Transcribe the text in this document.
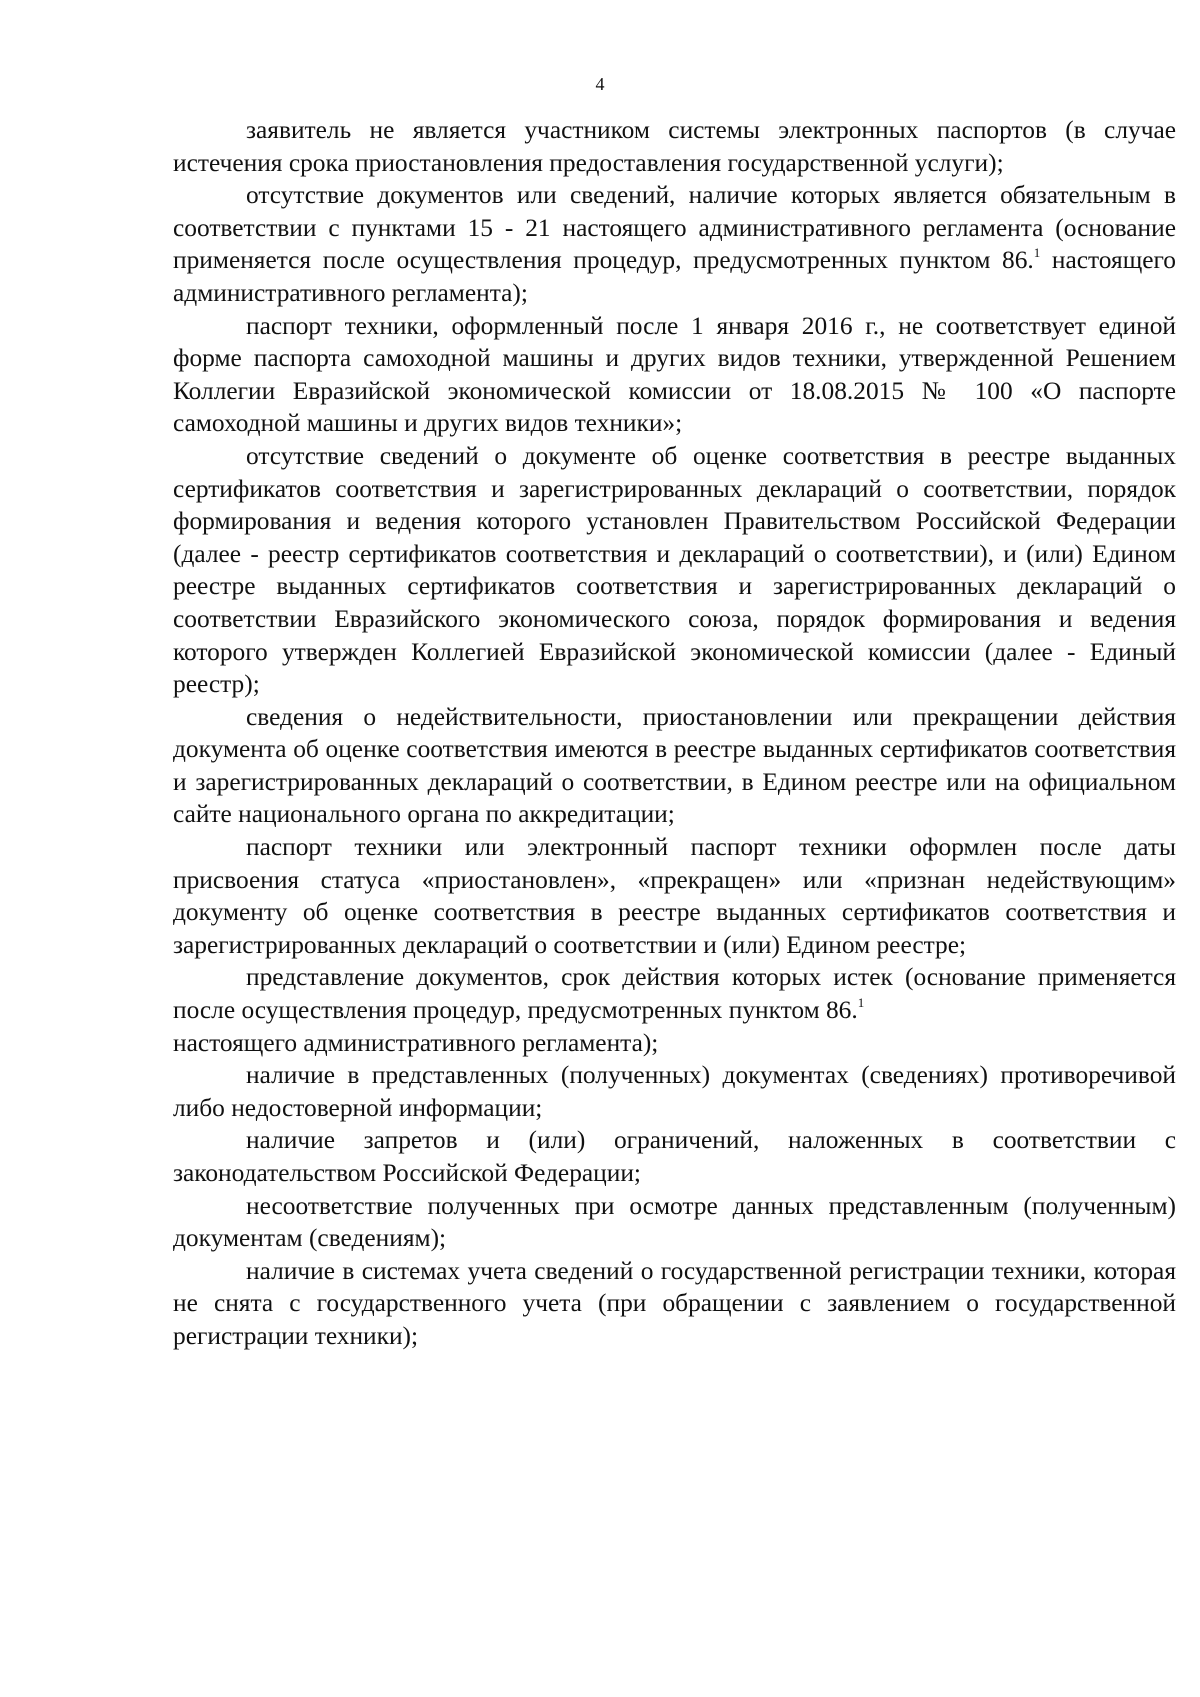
4

заявитель не является участником системы электронных паспортов (в случае истечения срока приостановления предоставления государственной услуги);

отсутствие документов или сведений, наличие которых является обязательным в соответствии с пунктами 15 - 21 настоящего административного регламента (основание применяется после осуществления процедур, предусмотренных пунктом 86.$^1$ настоящего административного регламента);

паспорт техники, оформленный после 1 января 2016 г., не соответствует единой форме паспорта самоходной машины и других видов техники, утвержденной Решением Коллегии Евразийской экономической комиссии от 18.08.2015 № 100 «О паспорте самоходной машины и других видов техники»;

отсутствие сведений о документе об оценке соответствия в реестре выданных сертификатов соответствия и зарегистрированных деклараций о соответствии, порядок формирования и ведения которого установлен Правительством Российской Федерации (далее - реестр сертификатов соответствия и деклараций о соответствии), и (или) Едином реестре выданных сертификатов соответствия и зарегистрированных деклараций о соответствии Евразийского экономического союза, порядок формирования и ведения которого утвержден Коллегией Евразийской экономической комиссии (далее - Единый реестр);

сведения о недействительности, приостановлении или прекращении действия документа об оценке соответствия имеются в реестре выданных сертификатов соответствия и зарегистрированных деклараций о соответствии, в Едином реестре или на официальном сайте национального органа по аккредитации;

паспорт техники или электронный паспорт техники оформлен после даты присвоения статуса «приостановлен», «прекращен» или «признан недействующим» документу об оценке соответствия в реестре выданных сертификатов соответствия и зарегистрированных деклараций о соответствии и (или) Едином реестре;

представление документов, срок действия которых истек (основание применяется после осуществления процедур, предусмотренных пунктом 86.$^1$
настоящего административного регламента);

наличие в представленных (полученных) документах (сведениях) противоречивой либо недостоверной информации;

наличие запретов и (или) ограничений, наложенных в соответствии с законодательством Российской Федерации;

несоответствие полученных при осмотре данных представленным (полученным) документам (сведениям);

наличие в системах учета сведений о государственной регистрации техники, которая не снята с государственного учета (при обращении с заявлением о государственной регистрации техники);
